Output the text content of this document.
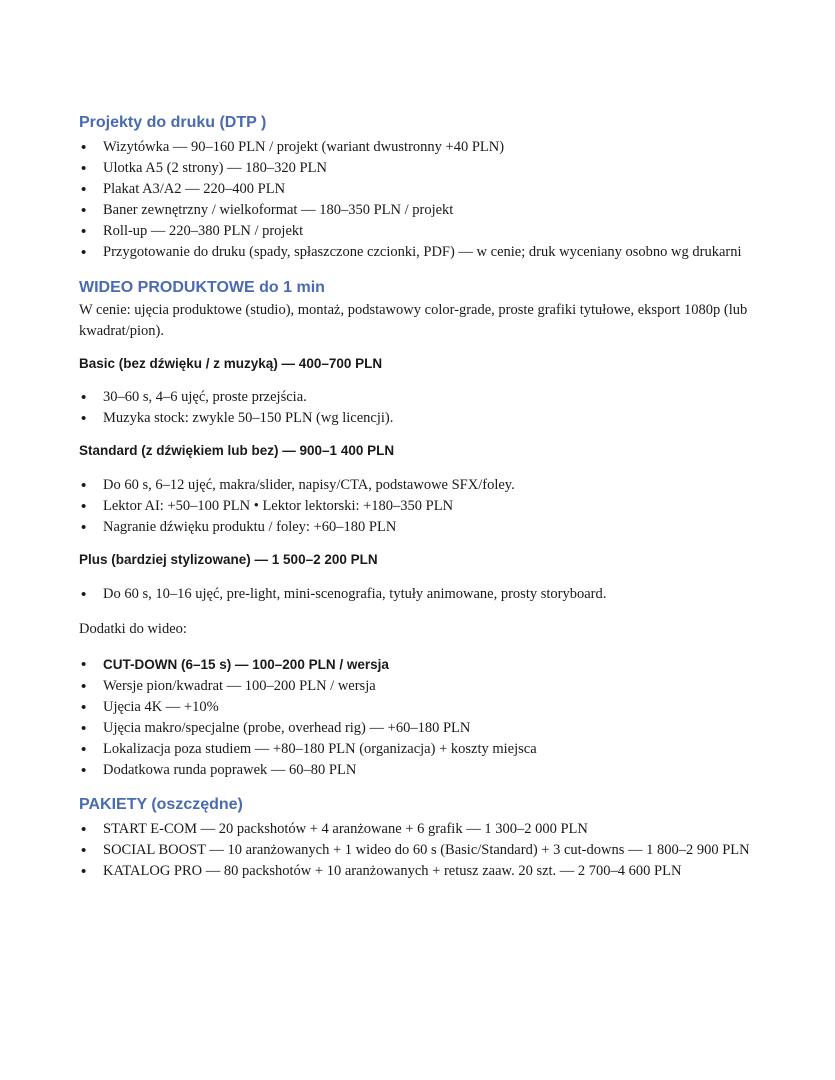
Projekty do druku (DTP )
• Wizytówka — 90–160 PLN / projekt (wariant dwustronny +40 PLN)
• Ulotka A5 (2 strony) — 180–320 PLN
• Plakat A3/A2 — 220–400 PLN
• Baner zewnętrzny / wielkoformat — 180–350 PLN / projekt
• Roll-up — 220–380 PLN / projekt
• Przygotowanie do druku (spady, spłaszczone czcionki, PDF) — w cenie; druk wyceniany osobno wg drukarni
WIDEO PRODUKTOWE do 1 min

W cenie: ujęcia produktowe (studio), montaż, podstawowy color-grade, proste grafiki tytułowe, eksport 1080p (lub kwadrat/pion).

Basic (bez dźwięku / z muzyką) — 400–700 PLN

• 30–60 s, 4–6 ujęć, proste przejścia.
• Muzyka stock: zwykle 50–150 PLN (wg licencji).

Standard (z dźwiękiem lub bez) — 900–1 400 PLN

• Do 60 s, 6–12 ujęć, makra/slider, napisy/CTA, podstawowe SFX/foley.
• Lektor AI: +50–100 PLN • Lektor lektorski: +180–350 PLN
• Nagranie dźwięku produktu / foley: +60–180 PLN

Plus (bardziej stylizowane) — 1 500–2 200 PLN

• Do 60 s, 10–16 ujęć, pre-light, mini-scenografia, tytuły animowane, prosty storyboard.

Dodatki do wideo:

• CUT-DOWN (6–15 s) — 100–200 PLN / wersja
• Wersje pion/kwadrat — 100–200 PLN / wersja
• Ujęcia 4K — +10%
• Ujęcia makro/specjalne (probe, overhead rig) — +60–180 PLN
• Lokalizacja poza studiem — +80–180 PLN (organizacja) + koszty miejsca
• Dodatkowa runda poprawek — 60–80 PLN
PAKIETY (oszczędne)
• START E-COM — 20 packshotów + 4 aranżowane + 6 grafik — 1 300–2 000 PLN
• SOCIAL BOOST — 10 aranżowanych + 1 wideo do 60 s (Basic/Standard) + 3 cut-downs — 1 800–2 900 PLN
• KATALOG PRO — 80 packshotów + 10 aranżowanych + retusz zaaw. 20 szt. — 2 700–4 600 PLN
